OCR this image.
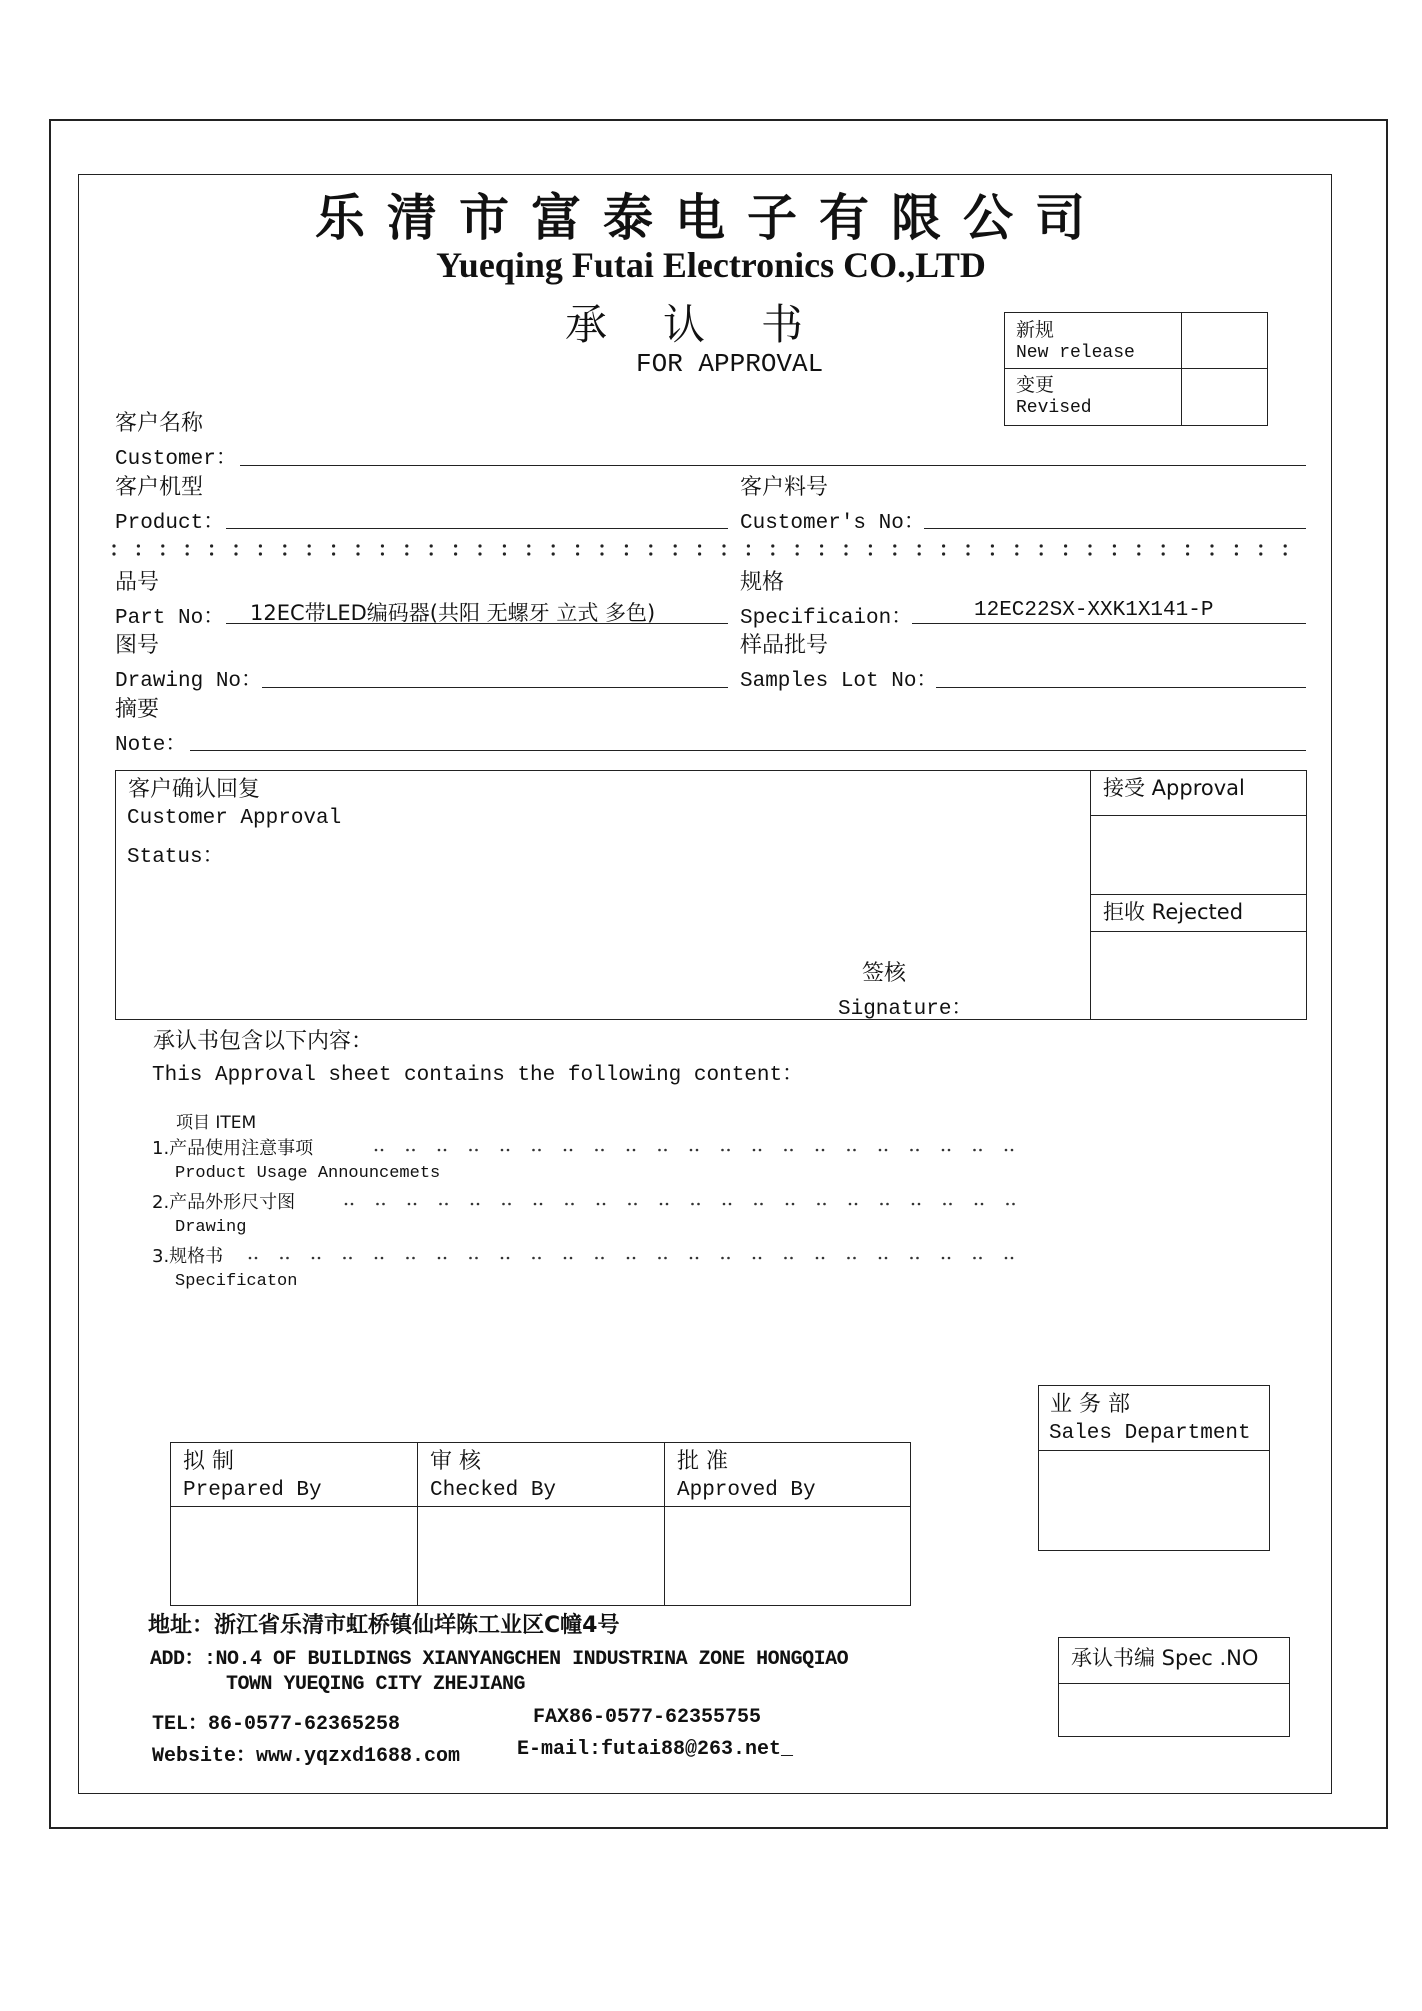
乐清市富泰电子有限公司
Yueqing Futai Electronics CO.,LTD
承认书
FOR APPROVAL
新规
New release
变更
Revised
客户名称
Customer：
客户机型
Product：
客户料号
Customer's No：
品号
Part No： 12EC带LED编码器(共阳 无螺牙 立式 多色)
规格
Specificaion：	12EC22SX-XXK1X141-P
图号
Drawing No：
样品批号
Samples Lot No：
摘要
Note：
客户确认回复
Customer Approval
Status：
接受 Approval
拒收 Rejected
签核
Signature：
承认书包含以下内容：
This Approval sheet contains the following content：
项目 ITEM
1.产品使用注意事项
Product Usage Announcemets
2.产品外形尺寸图
Drawing
3.规格书
Specificaton
业 务 部
Sales Department
拟 制
Prepared By
审 核
Checked By
批 准
Approved By
地址：浙江省乐清市虹桥镇仙垟陈工业区C幢4号
ADD：:NO.4 OF BUILDINGS XIANYANGCHEN INDUSTRINA ZONE HONGQIAO
TOWN YUEQING CITY ZHEJIANG
TEL：86-0577-62365258	FAX86-0577-62355755
Website：www.yqzxd1688.com	E-mail:futai88@263.net_
承认书编 Spec .NO
